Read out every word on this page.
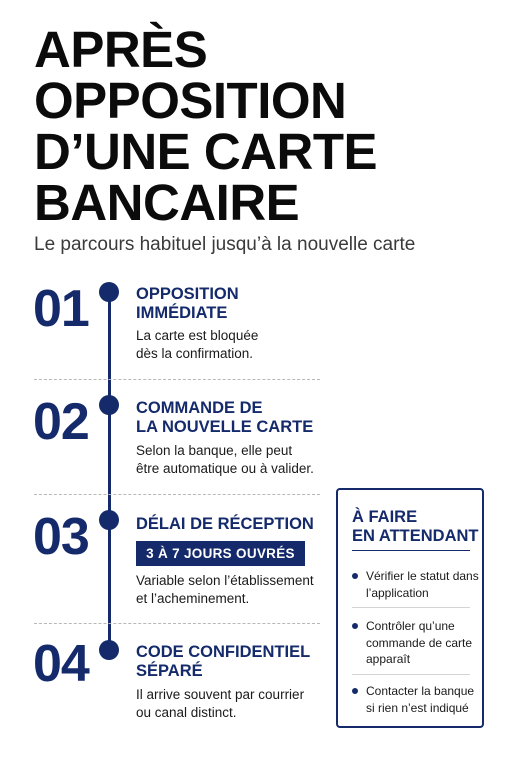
APRÈS
OPPOSITION
D’UNE CARTE
BANCAIRE
Le parcours habituel jusqu’à la nouvelle carte
01	OPPOSITION
IMMÉDIATE
La carte est bloquée
dès la confirmation.
02	COMMANDE DE
LA NOUVELLE CARTE
Selon la banque, elle peut
être automatique ou à valider.
03	DÉLAI DE RÉCEPTION
3 À 7 JOURS OUVRÉS
Variable selon l’établissement
et l’acheminement.
04	CODE CONFIDENTIEL
SÉPARÉ
Il arrive souvent par courrier
ou canal distinct.
À FAIRE
EN ATTENDANT
Vérifier le statut dans
l’application
Contrôler qu’une
commande de carte
apparaît
Contacter la banque
si rien n’est indiqué
